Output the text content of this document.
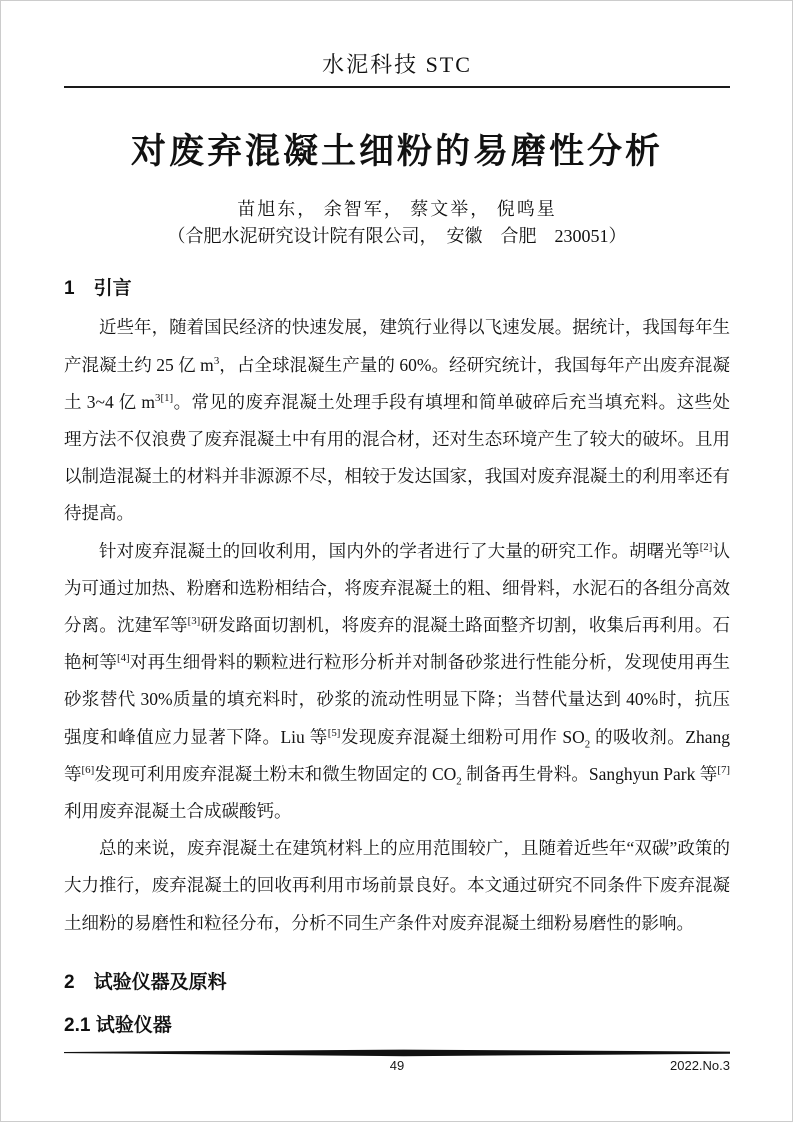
水泥科技 STC
对废弃混凝土细粉的易磨性分析
苗旭东， 余智军， 蔡文举， 倪鸣星
（合肥水泥研究设计院有限公司，　安徽　合肥　230051）
1　引言

近些年，随着国民经济的快速发展，建筑行业得以飞速发展。据统计，我国每年生产混凝土约 25 亿 $m^3$，占全球混凝生产量的 60%。经研究统计，我国每年产出废弃混凝土 3~4 亿 $m^{3[1]}$。常见的废弃混凝土处理手段有填埋和简单破碎后充当填充料。这些处理方法不仅浪费了废弃混凝土中有用的混合材，还对生态环境产生了较大的破坏。且用以制造混凝土的材料并非源源不尽，相较于发达国家，我国对废弃混凝土的利用率还有待提高。

针对废弃混凝土的回收利用，国内外的学者进行了大量的研究工作。胡曙光等[2]认为可通过加热、粉磨和选粉相结合，将废弃混凝土的粗、细骨料，水泥石的各组分高效分离。沈建军等[3]研发路面切割机，将废弃的混凝土路面整齐切割，收集后再利用。石艳柯等[4]对再生细骨料的颗粒进行粒形分析并对制备砂浆进行性能分析，发现使用再生砂浆替代 30%质量的填充料时，砂浆的流动性明显下降；当替代量达到 40%时，抗压强度和峰值应力显著下降。Liu 等[5]发现废弃混凝土细粉可用作 $SO_2$ 的吸收剂。Zhang 等[6]发现可利用废弃混凝土粉末和微生物固定的 $CO_2$ 制备再生骨料。Sanghyun Park 等[7]利用废弃混凝土合成碳酸钙。

总的来说，废弃混凝土在建筑材料上的应用范围较广，且随着近些年“双碳”政策的大力推行，废弃混凝土的回收再利用市场前景良好。本文通过研究不同条件下废弃混凝土细粉的易磨性和粒径分布，分析不同生产条件对废弃混凝土细粉易磨性的影响。

2　试验仪器及原料
2.1 试验仪器
49	2022.No.3
